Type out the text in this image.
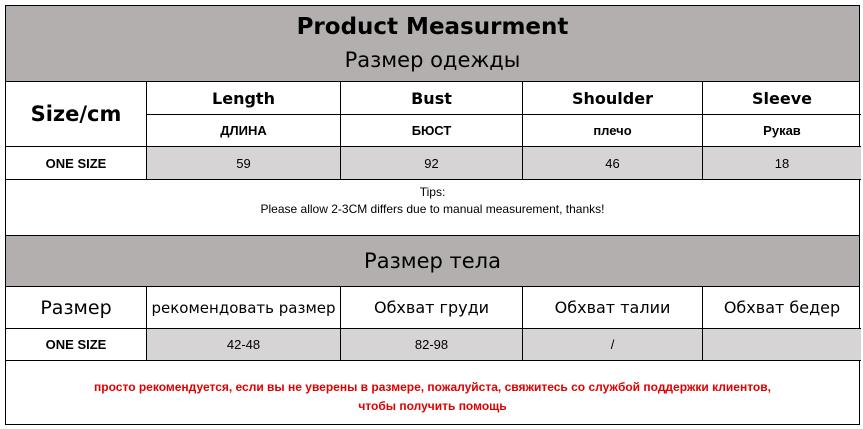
Product Measurment
Размер одежды
Size/cm
Length	Bust	Shoulder	Sleeve
ДЛИНА	БЮСТ	плечо	Рукав
ONE SIZE	59	92	46	18
Tips:
Please allow 2-3CM differs due to manual measurement, thanks!
Размер тела
Размер	рекомендовать размер	Обхват груди	Обхват талии	Обхват бедер
ONE SIZE	42-48	82-98	/
просто рекомендуется, если вы не уверены в размере, пожалуйста, свяжитесь со службой поддержки клиентов,
чтобы получить помощь
